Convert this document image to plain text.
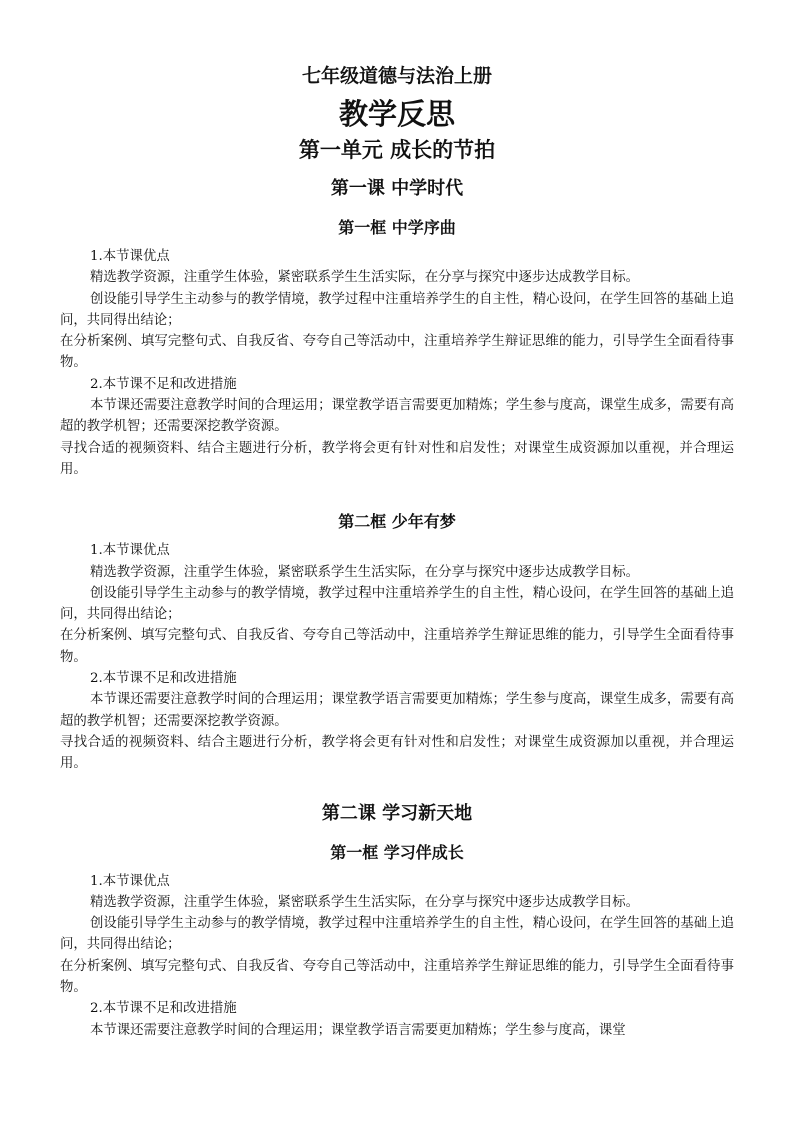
七年级道德与法治上册
教学反思
第一单元 成长的节拍
第一课 中学时代
第一框 中学序曲

1.本节课优点

精选教学资源，注重学生体验，紧密联系学生生活实际，在分享与探究中逐步达成教学目标。

创设能引导学生主动参与的教学情境，教学过程中注重培养学生的自主性，精心设问，在学生回答的基础上追问，共同得出结论；

在分析案例、填写完整句式、自我反省、夸夸自己等活动中，注重培养学生辩证思维的能力，引导学生全面看待事物。

2.本节课不足和改进措施

本节课还需要注意教学时间的合理运用；课堂教学语言需要更加精炼；学生参与度高，课堂生成多，需要有高超的教学机智；还需要深挖教学资源。

寻找合适的视频资料、结合主题进行分析，教学将会更有针对性和启发性；对课堂生成资源加以重视，并合理运用。

第二框 少年有梦

1.本节课优点

精选教学资源，注重学生体验，紧密联系学生生活实际，在分享与探究中逐步达成教学目标。

创设能引导学生主动参与的教学情境，教学过程中注重培养学生的自主性，精心设问，在学生回答的基础上追问，共同得出结论；

在分析案例、填写完整句式、自我反省、夸夸自己等活动中，注重培养学生辩证思维的能力，引导学生全面看待事物。

2.本节课不足和改进措施

本节课还需要注意教学时间的合理运用；课堂教学语言需要更加精炼；学生参与度高，课堂生成多，需要有高超的教学机智；还需要深挖教学资源。

寻找合适的视频资料、结合主题进行分析，教学将会更有针对性和启发性；对课堂生成资源加以重视，并合理运用。

第二课 学习新天地
第一框 学习伴成长

1.本节课优点

精选教学资源，注重学生体验，紧密联系学生生活实际，在分享与探究中逐步达成教学目标。

创设能引导学生主动参与的教学情境，教学过程中注重培养学生的自主性，精心设问，在学生回答的基础上追问，共同得出结论；

在分析案例、填写完整句式、自我反省、夸夸自己等活动中，注重培养学生辩证思维的能力，引导学生全面看待事物。

2.本节课不足和改进措施

本节课还需要注意教学时间的合理运用；课堂教学语言需要更加精炼；学生参与度高，课堂
